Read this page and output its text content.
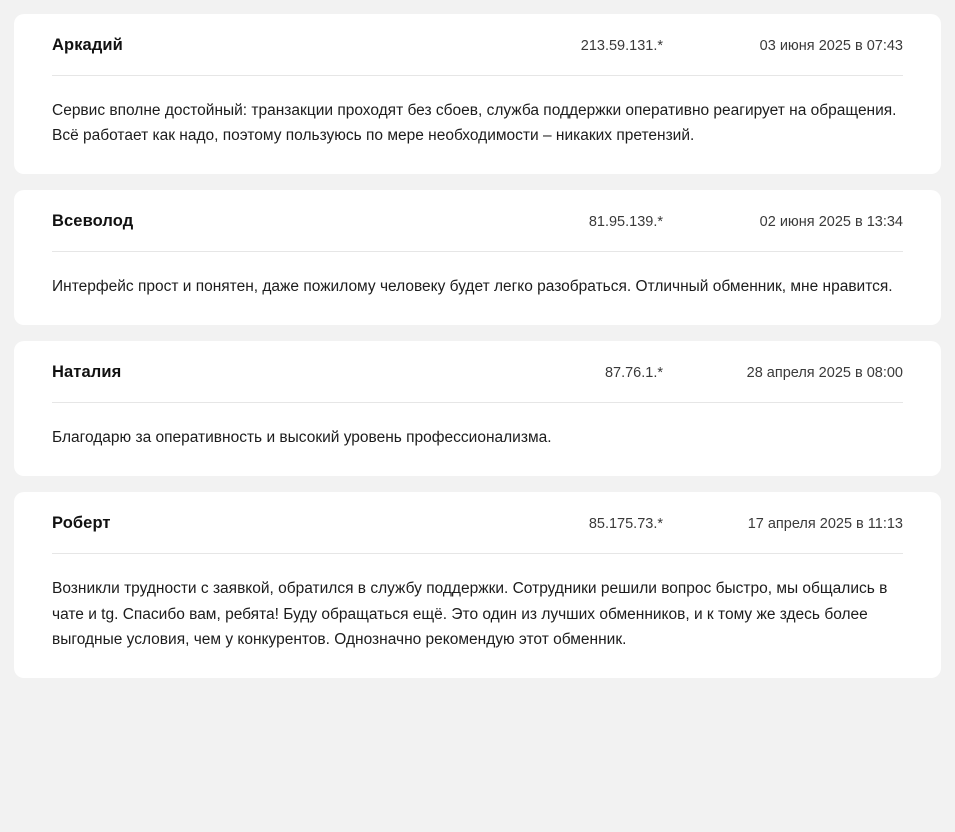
Аркадий	213.59.131.*	03 июня 2025 в 07:43
Сервис вполне достойный: транзакции проходят без сбоев, служба поддержки оперативно реагирует на обращения. Всё работает как надо, поэтому пользуюсь по мере необходимости – никаких претензий.
Всеволод	81.95.139.*	02 июня 2025 в 13:34
Интерфейс прост и понятен, даже пожилому человеку будет легко разобраться. Отличный обменник, мне нравится.
Наталия	87.76.1.*	28 апреля 2025 в 08:00
Благодарю за оперативность и высокий уровень профессионализма.
Роберт	85.175.73.*	17 апреля 2025 в 11:13
Возникли трудности с заявкой, обратился в службу поддержки. Сотрудники решили вопрос быстро, мы общались в чате и tg. Спасибо вам, ребята! Буду обращаться ещё. Это один из лучших обменников, и к тому же здесь более выгодные условия, чем у конкурентов. Однозначно рекомендую этот обменник.
